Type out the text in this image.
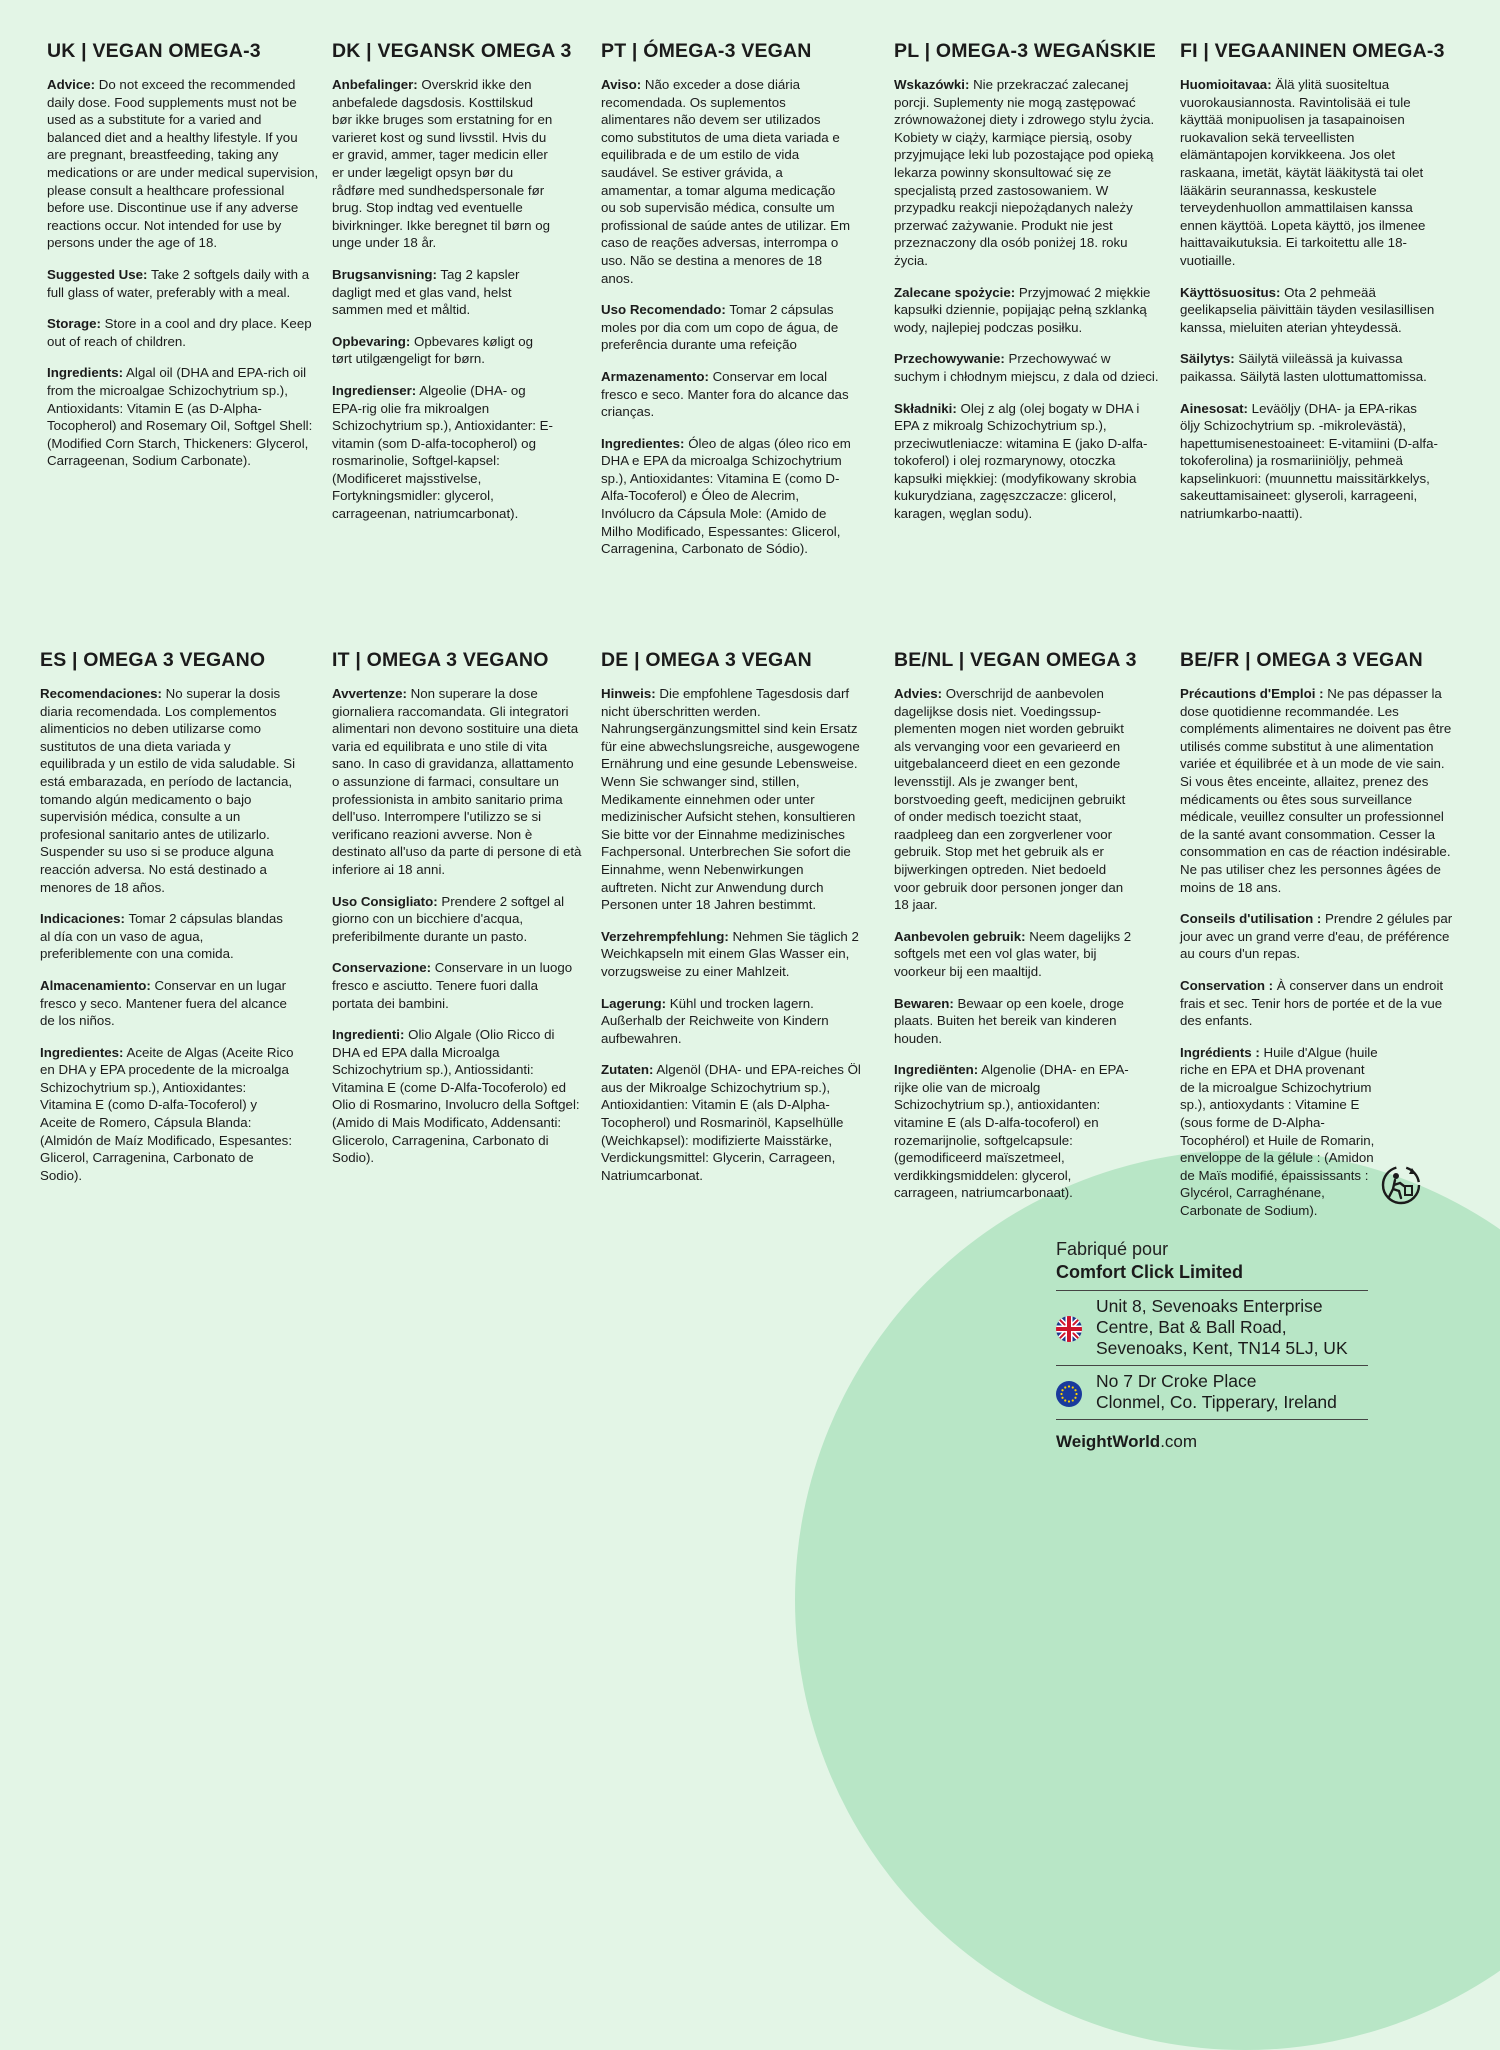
UK | VEGAN OMEGA-3
Advice: Do not exceed the recommended daily dose. Food supplements must not be used as a substitute for a varied and balanced diet and a healthy lifestyle. If you are pregnant, breastfeeding, taking any medications or are under medical supervision, please consult a healthcare professional before use. Discontinue use if any adverse reactions occur. Not intended for use by persons under the age of 18.
Suggested Use: Take 2 softgels daily with a full glass of water, preferably with a meal.
Storage: Store in a cool and dry place. Keep out of reach of children.
Ingredients: Algal oil (DHA and EPA-rich oil from the microalgae Schizochytrium sp.), Antioxidants: Vitamin E (as D-Alpha-Tocopherol) and Rosemary Oil, Softgel Shell: (Modified Corn Starch, Thickeners: Glycerol, Carrageenan, Sodium Carbonate).
DK | VEGANSK OMEGA 3
Anbefalinger: Overskrid ikke den anbefalede dagsdosis. Kosttilskud bør ikke bruges som erstatning for en varieret kost og sund livsstil. Hvis du er gravid, ammer, tager medicin eller er under lægeligt opsyn bør du rådføre med sundhedspersonale før brug. Stop indtag ved eventuelle bivirkninger. Ikke beregnet til børn og unge under 18 år.
Brugsanvisning: Tag 2 kapsler dagligt med et glas vand, helst sammen med et måltid.
Opbevaring: Opbevares køligt og tørt utilgængeligt for børn.
Ingredienser: Algeolie (DHA- og EPA-rig olie fra mikroalgen Schizochytrium sp.), Antioxidanter: E-vitamin (som D-alfa-tocopherol) og rosmarinolie, Softgel-kapsel: (Modificeret majsstivelse, Fortykningsmidler: glycerol, carrageenan, natriumcarbonat).
PT | ÓMEGA-3 VEGAN
Aviso: Não exceder a dose diária recomendada. Os suplementos alimentares não devem ser utilizados como substitutos de uma dieta variada e equilibrada e de um estilo de vida saudável. Se estiver grávida, a amamentar, a tomar alguma medicação ou sob supervisão médica, consulte um profissional de saúde antes de utilizar. Em caso de reações adversas, interrompa o uso. Não se destina a menores de 18 anos.
Uso Recomendado: Tomar 2 cápsulas moles por dia com um copo de água, de preferência durante uma refeição
Armazenamento: Conservar em local fresco e seco. Manter fora do alcance das crianças.
Ingredientes: Óleo de algas (óleo rico em DHA e EPA da microalga Schizochytrium sp.), Antioxidantes: Vitamina E (como D-Alfa-Tocoferol) e Óleo de Alecrim, Invólucro da Cápsula Mole: (Amido de Milho Modificado, Espessantes: Glicerol, Carragenina, Carbonato de Sódio).
PL | OMEGA-3 WEGAŃSKIE
Wskazówki: Nie przekraczać zalecanej porcji. Suplementy nie mogą zastępować zrównoważonej diety i zdrowego stylu życia. Kobiety w ciąży, karmiące piersią, osoby przyjmujące leki lub pozostające pod opieką lekarza powinny skonsultować się ze specjalistą przed zastosowaniem. W przypadku reakcji niepożądanych należy przerwać zażywanie. Produkt nie jest przeznaczony dla osób poniżej 18. roku życia.
Zalecane spożycie: Przyjmować 2 miękkie kapsułki dziennie, popijając pełną szklanką wody, najlepiej podczas posiłku.
Przechowywanie: Przechowywać w suchym i chłodnym miejscu, z dala od dzieci.
Składniki: Olej z alg (olej bogaty w DHA i EPA z mikroalg Schizochytrium sp.), przeciwutleniacze: witamina E (jako D-alfa-tokoferol) i olej rozmarynowy, otoczka kapsułki miękkiej: (modyfikowany skrobia kukurydziana, zagęszczacze: glicerol, karagen, węglan sodu).
FI | VEGAANINEN OMEGA-3
Huomioitavaa: Älä ylitä suositeltua vuorokausiannosta. Ravintolisää ei tule käyttää monipuolisen ja tasapainoisen ruokavalion sekä terveellisten elämäntapojen korvikkeena. Jos olet raskaana, imetät, käytät lääkitystä tai olet lääkärin seurannassa, keskustele terveydenhuollon ammattilaisen kanssa ennen käyttöä. Lopeta käyttö, jos ilmenee haittavaikutuksia. Ei tarkoitettu alle 18-vuotiaille.
Käyttösuositus: Ota 2 pehmeää geelikapselia päivittäin täyden vesilasillisen kanssa, mieluiten aterian yhteydessä.
Säilytys: Säilytä viileässä ja kuivassa paikassa. Säilytä lasten ulottumattomissa.
Ainesosat: Leväöljy (DHA- ja EPA-rikas öljy Schizochytrium sp. -mikrolevästä), hapettumisenestoaineet: E-vitamiini (D-alfa-tokoferolina) ja rosmariiniöljy, pehmeä kapselinkuori: (muunnettu maissitärkkelys, sakeuttamisaineet: glyseroli, karrageeni, natriumkarbo-naatti).
ES | OMEGA 3 VEGANO
Recomendaciones: No superar la dosis diaria recomendada. Los complementos alimenticios no deben utilizarse como sustitutos de una dieta variada y equilibrada y un estilo de vida saludable. Si está embarazada, en período de lactancia, tomando algún medicamento o bajo supervisión médica, consulte a un profesional sanitario antes de utilizarlo. Suspender su uso si se produce alguna reacción adversa. No está destinado a menores de 18 años.
Indicaciones: Tomar 2 cápsulas blandas al día con un vaso de agua, preferiblemente con una comida.
Almacenamiento: Conservar en un lugar fresco y seco. Mantener fuera del alcance de los niños.
Ingredientes: Aceite de Algas (Aceite Rico en DHA y EPA procedente de la microalga Schizochytrium sp.), Antioxidantes: Vitamina E (como D-alfa-Tocoferol) y Aceite de Romero, Cápsula Blanda: (Almidón de Maíz Modificado, Espesantes: Glicerol, Carragenina, Carbonato de Sodio).
IT | OMEGA 3 VEGANO
Avvertenze: Non superare la dose giornaliera raccomandata. Gli integratori alimentari non devono sostituire una dieta varia ed equilibrata e uno stile di vita sano. In caso di gravidanza, allattamento o assunzione di farmaci, consultare un professionista in ambito sanitario prima dell'uso. Interrompere l'utilizzo se si verificano reazioni avverse. Non è destinato all'uso da parte di persone di età inferiore ai 18 anni.
Uso Consigliato: Prendere 2 softgel al giorno con un bicchiere d'acqua, preferibilmente durante un pasto.
Conservazione: Conservare in un luogo fresco e asciutto. Tenere fuori dalla portata dei bambini.
Ingredienti: Olio Algale (Olio Ricco di DHA ed EPA dalla Microalga Schizochytrium sp.), Antiossidanti: Vitamina E (come D-Alfa-Tocoferolo) ed Olio di Rosmarino, Involucro della Softgel: (Amido di Mais Modificato, Addensanti: Glicerolo, Carragenina, Carbonato di Sodio).
DE | OMEGA 3 VEGAN
Hinweis: Die empfohlene Tagesdosis darf nicht überschritten werden. Nahrungsergänzungsmittel sind kein Ersatz für eine abwechslungsreiche, ausgewogene Ernährung und eine gesunde Lebensweise. Wenn Sie schwanger sind, stillen, Medikamente einnehmen oder unter medizinischer Aufsicht stehen, konsultieren Sie bitte vor der Einnahme medizinisches Fachpersonal. Unterbrechen Sie sofort die Einnahme, wenn Nebenwirkungen auftreten. Nicht zur Anwendung durch Personen unter 18 Jahren bestimmt.
Verzehrempfehlung: Nehmen Sie täglich 2 Weichkapseln mit einem Glas Wasser ein, vorzugsweise zu einer Mahlzeit.
Lagerung: Kühl und trocken lagern. Außerhalb der Reichweite von Kindern aufbewahren.
Zutaten: Algenöl (DHA- und EPA-reiches Öl aus der Mikroalge Schizochytrium sp.), Antioxidantien: Vitamin E (als D-Alpha-Tocopherol) und Rosmarinöl, Kapselhülle (Weichkapsel): modifizierte Maisstärke, Verdickungsmittel: Glycerin, Carrageen, Natriumcarbonat.
BE/NL | VEGAN OMEGA 3
Advies: Overschrijd de aanbevolen dagelijkse dosis niet. Voedingssup-plementen mogen niet worden gebruikt als vervanging voor een gevarieerd en uitgebalanceerd dieet en een gezonde levensstijl. Als je zwanger bent, borstvoeding geeft, medicijnen gebruikt of onder medisch toezicht staat, raadpleeg dan een zorgverlener voor gebruik. Stop met het gebruik als er bijwerkingen optreden. Niet bedoeld voor gebruik door personen jonger dan 18 jaar.
Aanbevolen gebruik: Neem dagelijks 2 softgels met een vol glas water, bij voorkeur bij een maaltijd.
Bewaren: Bewaar op een koele, droge plaats. Buiten het bereik van kinderen houden.
Ingrediënten: Algenolie (DHA- en EPA-rijke olie van de microalg Schizochytrium sp.), antioxidanten: vitamine E (als D-alfa-tocoferol) en rozemarijnolie, softgelcapsule: (gemodificeerd maïszetmeel, verdikkingsmiddelen: glycerol, carrageen, natriumcarbonaat).
BE/FR | OMEGA 3 VEGAN
Précautions d'Emploi : Ne pas dépasser la dose quotidienne recommandée. Les compléments alimentaires ne doivent pas être utilisés comme substitut à une alimentation variée et équilibrée et à un mode de vie sain. Si vous êtes enceinte, allaitez, prenez des médicaments ou êtes sous surveillance médicale, veuillez consulter un professionnel de la santé avant consommation. Cesser la consommation en cas de réaction indésirable. Ne pas utiliser chez les personnes âgées de moins de 18 ans.
Conseils d'utilisation : Prendre 2 gélules par jour avec un grand verre d'eau, de préférence au cours d'un repas.
Conservation : À conserver dans un endroit frais et sec. Tenir hors de portée et de la vue des enfants.
Ingrédients : Huile d'Algue (huile riche en EPA et DHA provenant de la microalgue Schizochytrium sp.), antioxydants : Vitamine E (sous forme de D-Alpha-Tocophérol) et Huile de Romarin, enveloppe de la gélule : (Amidon de Maïs modifié, épaississants : Glycérol, Carraghénane, Carbonate de Sodium).
Fabriqué pour
Comfort Click Limited
Unit 8, Sevenoaks Enterprise
Centre, Bat & Ball Road,
Sevenoaks, Kent, TN14 5LJ, UK
No 7 Dr Croke Place
Clonmel, Co. Tipperary, Ireland
WeightWorld.com
